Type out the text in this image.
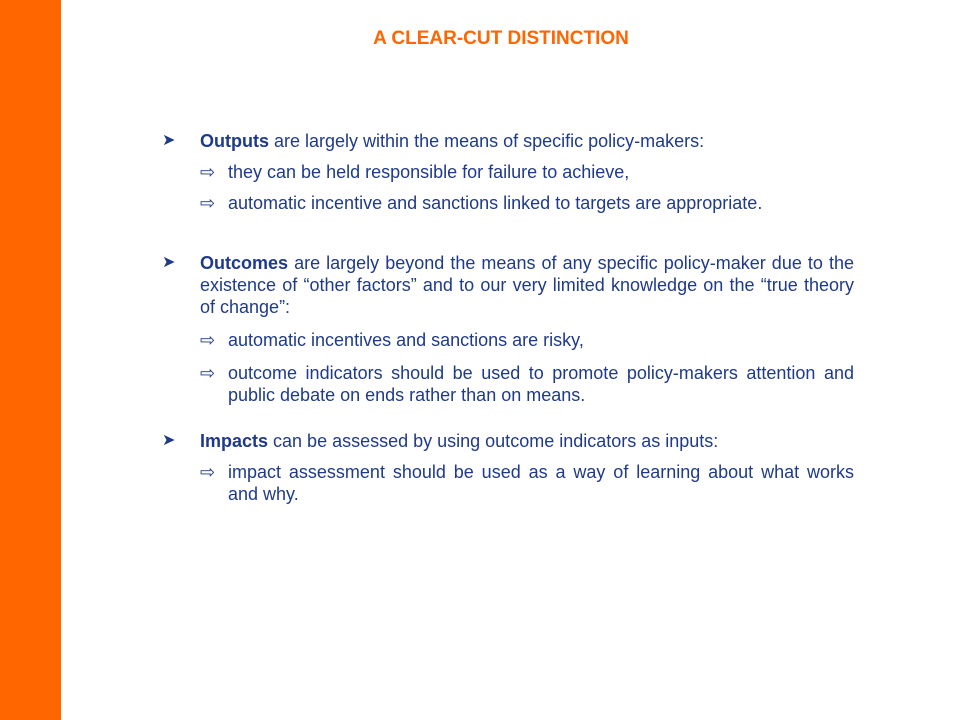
A CLEAR-CUT DISTINCTION
➤ Outputs are largely within the means of specific policy-makers:
⇨ they can be held responsible for failure to achieve,
⇨ automatic incentive and sanctions linked to targets are appropriate.
➤ Outcomes are largely beyond the means of any specific policy-maker due to the existence of “other factors” and to our very limited knowledge on the “true theory of change”:
⇨ automatic incentives and sanctions are risky,
⇨ outcome indicators should be used to promote policy-makers attention and public debate on ends rather than on means.
➤ Impacts can be assessed by using outcome indicators as inputs:
⇨ impact assessment should be used as a way of learning about what works and why.
